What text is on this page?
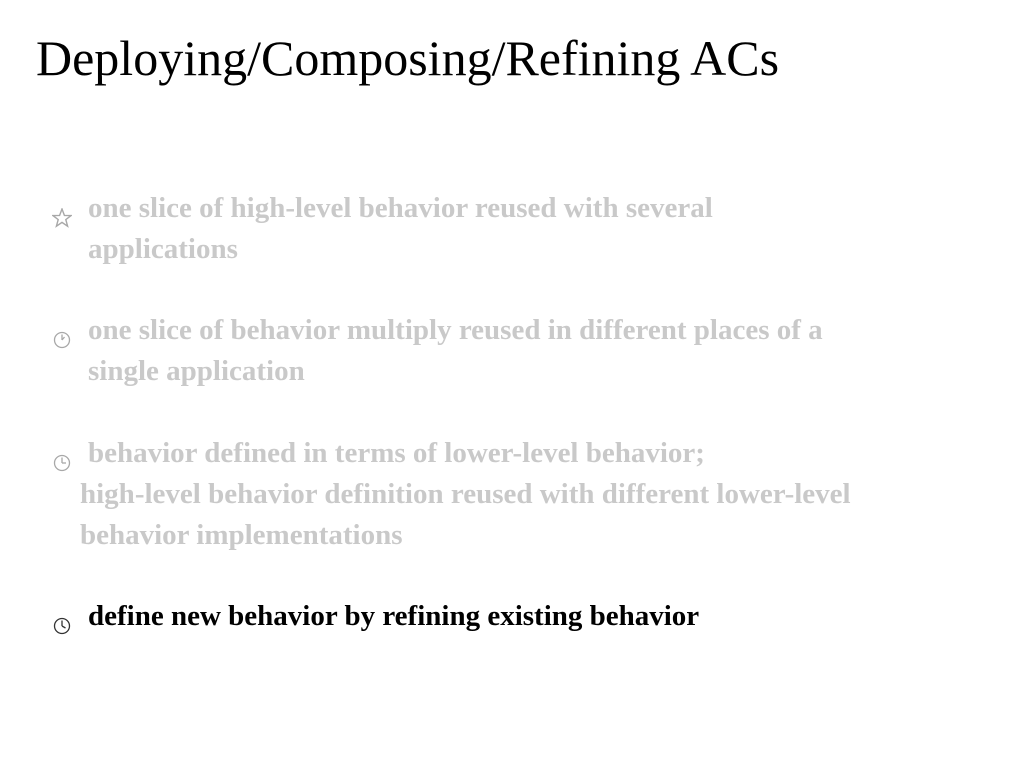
Deploying/Composing/Refining ACs
one slice of high-level behavior reused with several
applications
one slice of behavior multiply reused in different places of a
single application
behavior defined in terms of lower-level behavior;
high-level behavior definition reused with different lower-level
behavior implementations
define new behavior by refining existing behavior
